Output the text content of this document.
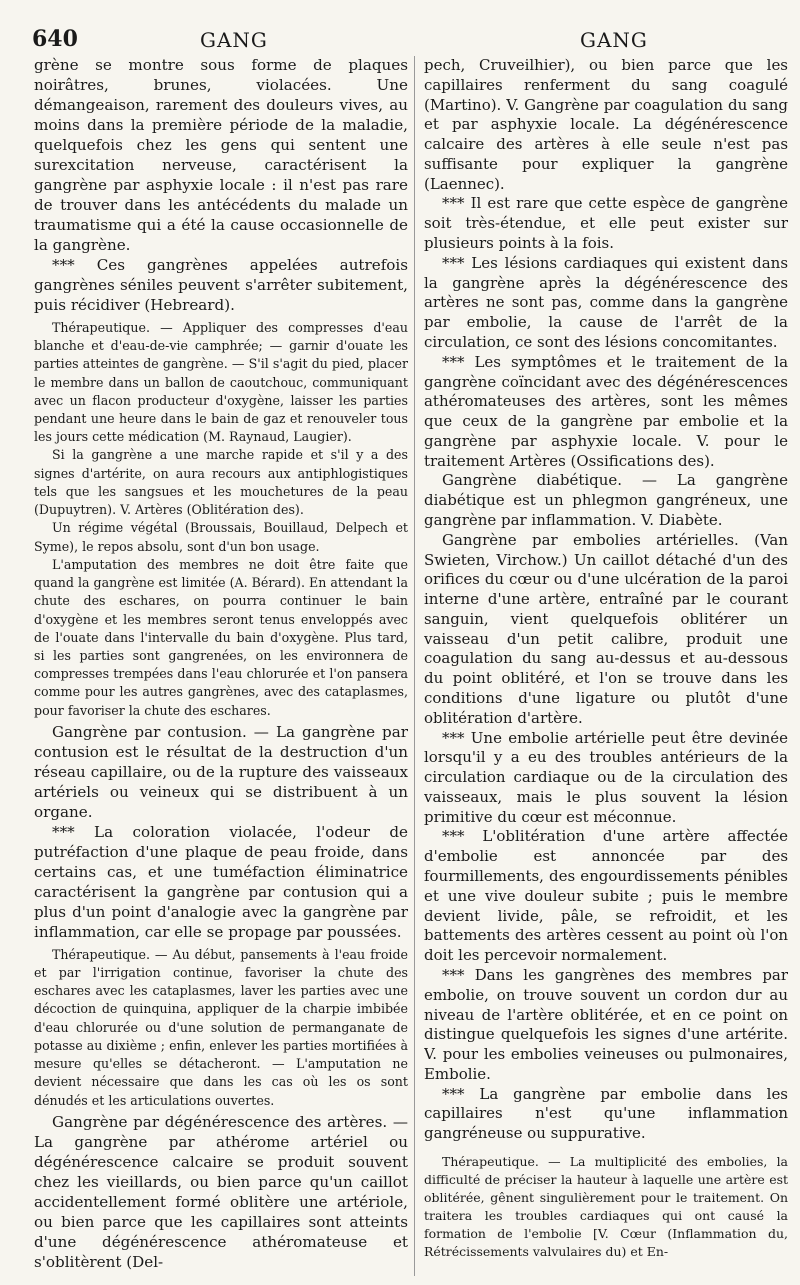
640	GANG	GANG

grène se montre sous forme de plaques noirâtres, brunes, violacées. Une démangeaison, rarement des douleurs vives, au moins dans la première période de la maladie, quelquefois chez les gens qui sentent une surexcitation nerveuse, caractérisent la gangrène par asphyxie locale : il n'est pas rare de trouver dans les antécédents du malade un traumatisme qui a été la cause occasionnelle de la gangrène.

*** Ces gangrènes appelées autrefois gangrènes séniles peuvent s'arrêter subitement, puis récidiver (Hebreard).

Thérapeutique. — Appliquer des compresses d'eau blanche et d'eau-de-vie camphrée; — garnir d'ouate les parties atteintes de gangrène. — S'il s'agit du pied, placer le membre dans un ballon de caoutchouc, communiquant avec un flacon producteur d'oxygène, laisser les parties pendant une heure dans le bain de gaz et renouveler tous les jours cette médication (M. Raynaud, Laugier).

Si la gangrène a une marche rapide et s'il y a des signes d'artérite, on aura recours aux antiphlogistiques tels que les sangsues et les mouchetures de la peau (Dupuytren). V. Artères (Oblitération des).

Un régime végétal (Broussais, Bouillaud, Delpech et Syme), le repos absolu, sont d'un bon usage.

L'amputation des membres ne doit être faite que quand la gangrène est limitée (A. Bérard). En attendant la chute des eschares, on pourra continuer le bain d'oxygène et les membres seront tenus enveloppés avec de l'ouate dans l'intervalle du bain d'oxygène. Plus tard, si les parties sont gangrenées, on les environnera de compresses trempées dans l'eau chlorurée et l'on pansera comme pour les autres gangrènes, avec des cataplasmes, pour favoriser la chute des eschares.

Gangrène par contusion. — La gangrène par contusion est le résultat de la destruction d'un réseau capillaire, ou de la rupture des vaisseaux artériels ou veineux qui se distribuent à un organe.

*** La coloration violacée, l'odeur de putréfaction d'une plaque de peau froide, dans certains cas, et une tuméfaction éliminatrice caractérisent la gangrène par contusion qui a plus d'un point d'analogie avec la gangrène par inflammation, car elle se propage par poussées.

Thérapeutique. — Au début, pansements à l'eau froide et par l'irrigation continue, favoriser la chute des eschares avec les cataplasmes, laver les parties avec une décoction de quinquina, appliquer de la charpie imbibée d'eau chlorurée ou d'une solution de permanganate de potasse au dixième ; enfin, enlever les parties mortifiées à mesure qu'elles se détacheront. — L'amputation ne devient nécessaire que dans les cas où les os sont dénudés et les articulations ouvertes.

Gangrène par dégénérescence des artères. — La gangrène par athérome artériel ou dégénérescence calcaire se produit souvent chez les vieillards, ou bien parce qu'un caillot accidentellement formé oblitère une artériole, ou bien parce que les capillaires sont atteints d'une dégénérescence athéromateuse et s'oblitèrent (Del-

pech, Cruveilhier), ou bien parce que les capillaires renferment du sang coagulé (Martino). V. Gangrène par coagulation du sang et par asphyxie locale. La dégénérescence calcaire des artères à elle seule n'est pas suffisante pour expliquer la gangrène (Laennec).

*** Il est rare que cette espèce de gangrène soit très-étendue, et elle peut exister sur plusieurs points à la fois.

*** Les lésions cardiaques qui existent dans la gangrène après la dégénérescence des artères ne sont pas, comme dans la gangrène par embolie, la cause de l'arrêt de la circulation, ce sont des lésions concomitantes.

*** Les symptômes et le traitement de la gangrène coïncidant avec des dégénérescences athéromateuses des artères, sont les mêmes que ceux de la gangrène par embolie et la gangrène par asphyxie locale. V. pour le traitement Artères (Ossifications des).

Gangrène diabétique. — La gangrène diabétique est un phlegmon gangréneux, une gangrène par inflammation. V. Diabète.

Gangrène par embolies artérielles. (Van Swieten, Virchow.) Un caillot détaché d'un des orifices du cœur ou d'une ulcération de la paroi interne d'une artère, entraîné par le courant sanguin, vient quelquefois oblitérer un vaisseau d'un petit calibre, produit une coagulation du sang au-dessus et au-dessous du point oblitéré, et l'on se trouve dans les conditions d'une ligature ou plutôt d'une oblitération d'artère.

*** Une embolie artérielle peut être devinée lorsqu'il y a eu des troubles antérieurs de la circulation cardiaque ou de la circulation des vaisseaux, mais le plus souvent la lésion primitive du cœur est méconnue.

*** L'oblitération d'une artère affectée d'embolie est annoncée par des fourmillements, des engourdissements pénibles et une vive douleur subite ; puis le membre devient livide, pâle, se refroidit, et les battements des artères cessent au point où l'on doit les percevoir normalement.

*** Dans les gangrènes des membres par embolie, on trouve souvent un cordon dur au niveau de l'artère oblitérée, et en ce point on distingue quelquefois les signes d'une artérite. V. pour les embolies veineuses ou pulmonaires, Embolie.

*** La gangrène par embolie dans les capillaires n'est qu'une inflammation gangréneuse ou suppurative.

Thérapeutique. — La multiplicité des embolies, la difficulté de préciser la hauteur à laquelle une artère est oblitérée, gênent singulièrement pour le traitement. On traitera les troubles cardiaques qui ont causé la formation de l'embolie [V. Cœur (Inflammation du, Rétrécissements valvulaires du) et En-
